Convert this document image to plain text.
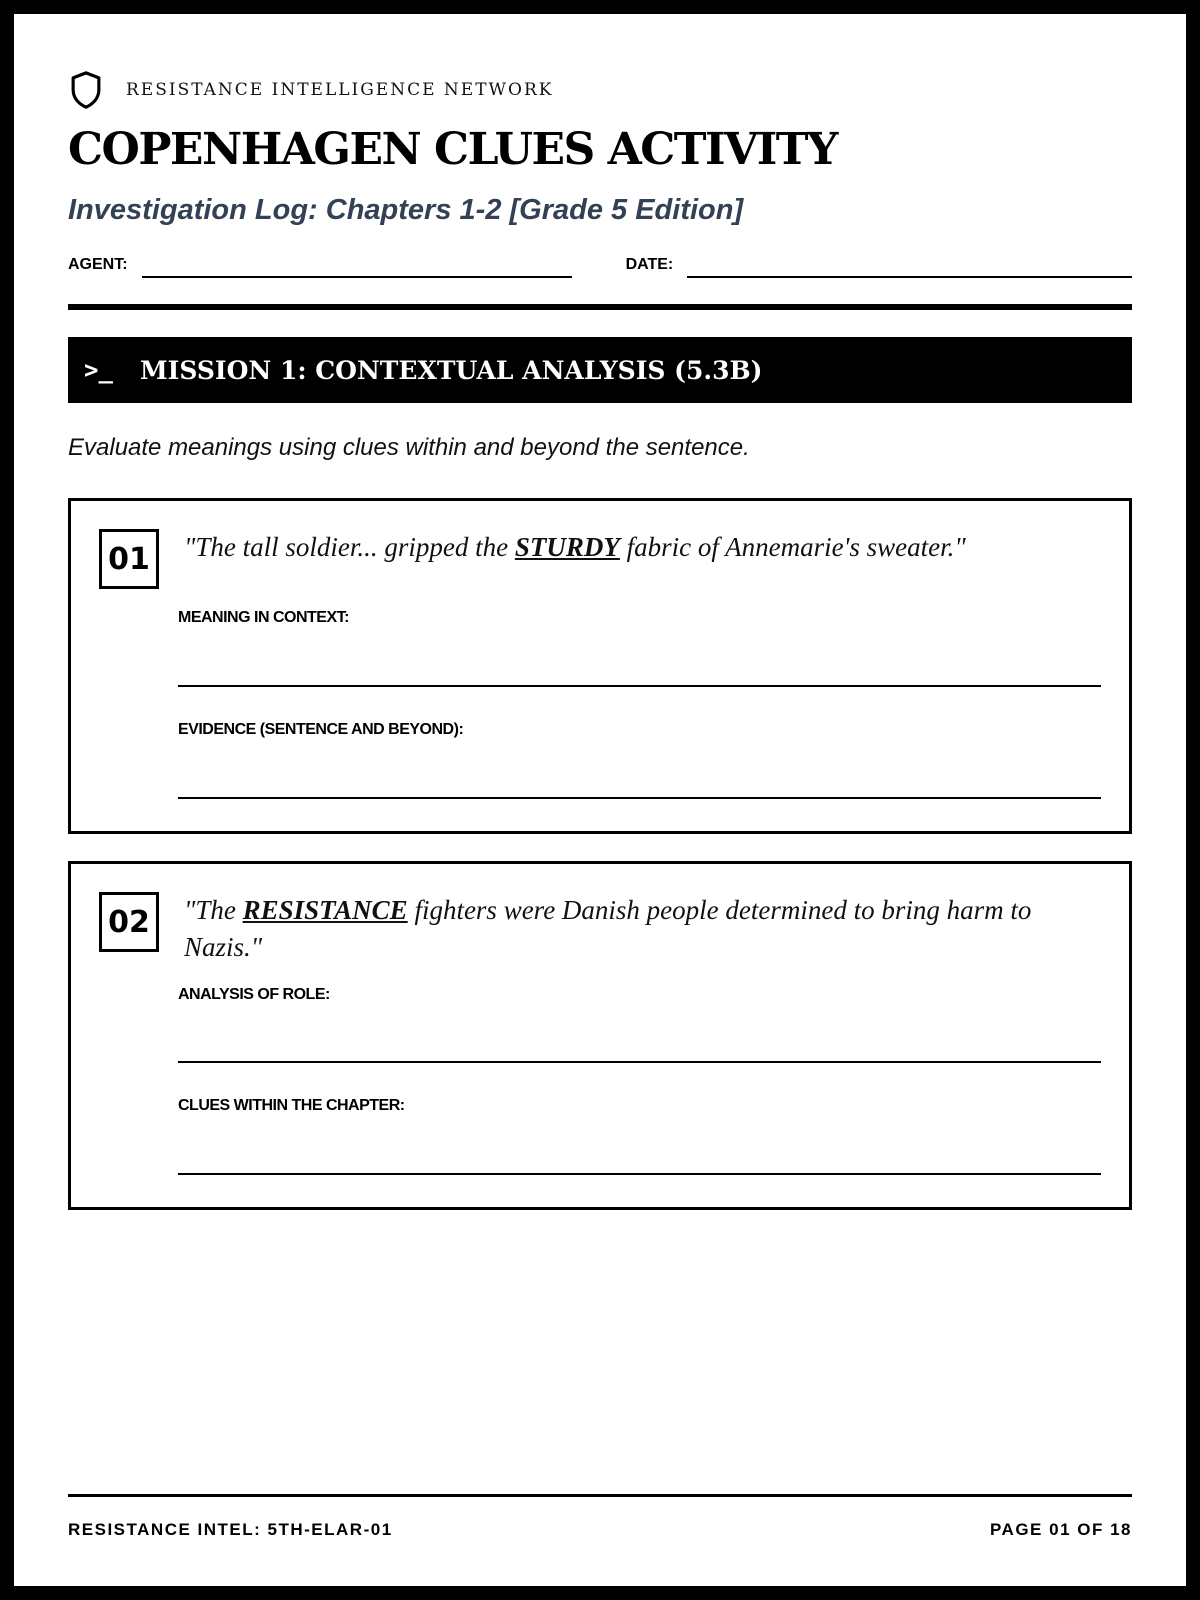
RESISTANCE INTELLIGENCE NETWORK
COPENHAGEN CLUES ACTIVITY
Investigation Log: Chapters 1-2 [Grade 5 Edition]
AGENT:	DATE:
>_	MISSION 1: CONTEXTUAL ANALYSIS (5.3B)
Evaluate meanings using clues within and beyond the sentence.
01	"The tall soldier... gripped the STURDY fabric of Annemarie's sweater."
MEANING IN CONTEXT:
EVIDENCE (SENTENCE AND BEYOND):
02	"The RESISTANCE fighters were Danish people determined to bring harm to Nazis."
ANALYSIS OF ROLE:
CLUES WITHIN THE CHAPTER:
RESISTANCE INTEL: 5TH-ELAR-01	PAGE 01 OF 18
